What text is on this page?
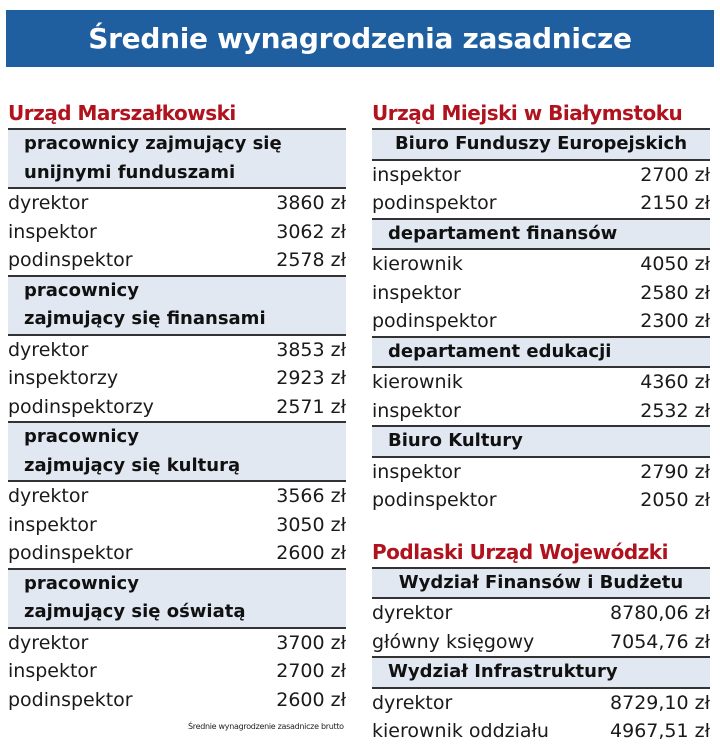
Średnie wynagrodzenia zasadnicze
Urząd Marszałkowski
pracownicy zajmujący się
unijnymi funduszami
dyrektor	3860 zł
inspektor	3062 zł
podinspektor	2578 zł
pracownicy
zajmujący się finansami
dyrektor	3853 zł
inspektorzy	2923 zł
podinspektorzy	2571 zł
pracownicy
zajmujący się kulturą
dyrektor	3566 zł
inspektor	3050 zł
podinspektor	2600 zł
pracownicy
zajmujący się oświatą
dyrektor	3700 zł
inspektor	2700 zł
podinspektor	2600 zł
Urząd Miejski w Białymstoku
Biuro Funduszy Europejskich
inspektor	2700 zł
podinspektor	2150 zł
departament finansów
kierownik	4050 zł
inspektor	2580 zł
podinspektor	2300 zł
departament edukacji
kierownik	4360 zł
inspektor	2532 zł
Biuro Kultury
inspektor	2790 zł
podinspektor	2050 zł
Podlaski Urząd Wojewódzki
Wydział Finansów i Budżetu
dyrektor	8780,06 zł
główny księgowy	7054,76 zł
Wydział Infrastruktury
dyrektor	8729,10 zł
kierownik oddziału	4967,51 zł
Średnie wynagrodzenie zasadnicze brutto
